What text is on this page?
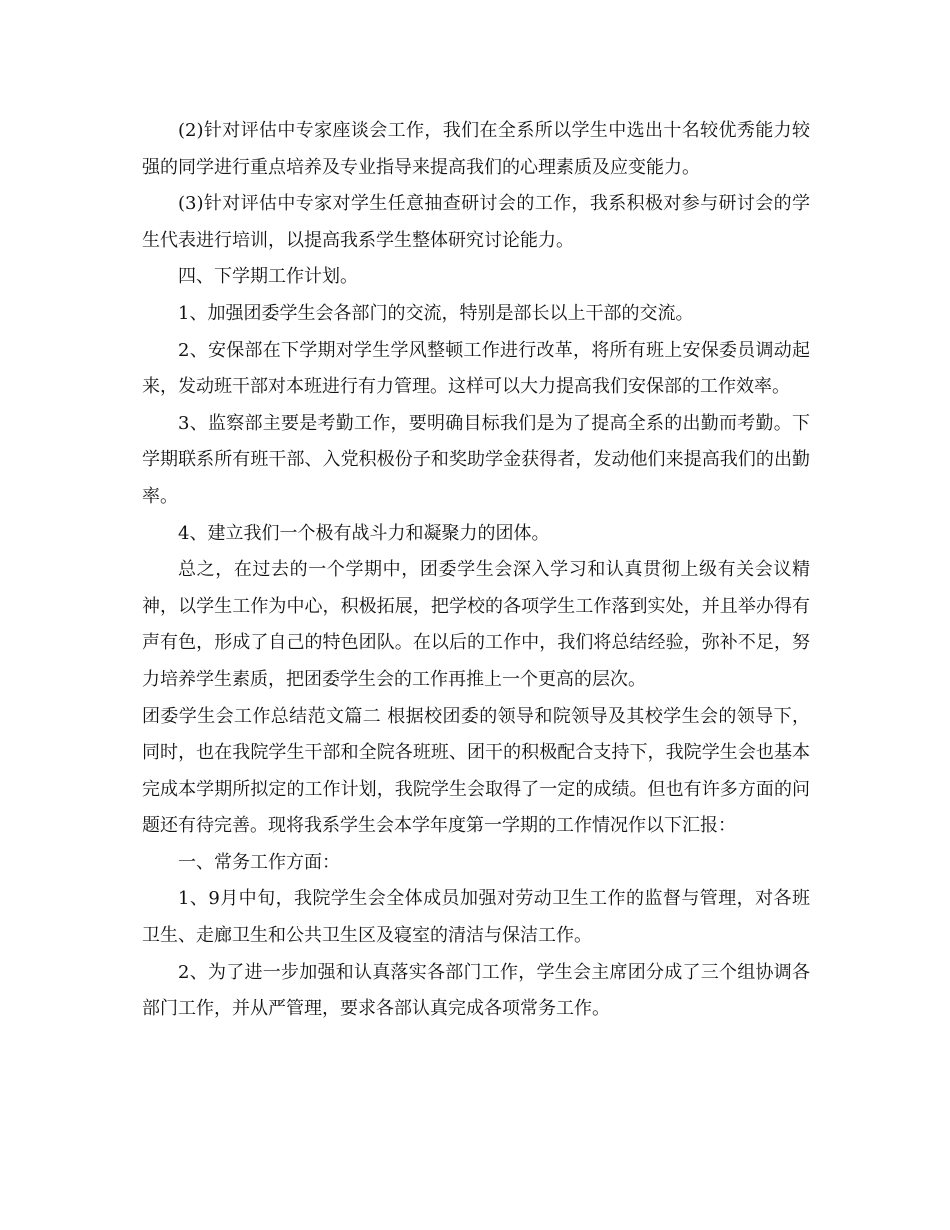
(2)针对评估中专家座谈会工作，我们在全系所以学生中选出十名较优秀能力较强的同学进行重点培养及专业指导来提高我们的心理素质及应变能力。

(3)针对评估中专家对学生任意抽查研讨会的工作，我系积极对参与研讨会的学生代表进行培训，以提高我系学生整体研究讨论能力。

四、下学期工作计划。

1、加强团委学生会各部门的交流，特别是部长以上干部的交流。

2、安保部在下学期对学生学风整顿工作进行改革，将所有班上安保委员调动起来，发动班干部对本班进行有力管理。这样可以大力提高我们安保部的工作效率。

3、监察部主要是考勤工作，要明确目标我们是为了提高全系的出勤而考勤。下学期联系所有班干部、入党积极份子和奖助学金获得者，发动他们来提高我们的出勤率。

4、建立我们一个极有战斗力和凝聚力的团体。

总之，在过去的一个学期中，团委学生会深入学习和认真贯彻上级有关会议精神，以学生工作为中心，积极拓展，把学校的各项学生工作落到实处，并且举办得有声有色，形成了自己的特色团队。在以后的工作中，我们将总结经验，弥补不足，努力培养学生素质，把团委学生会的工作再推上一个更高的层次。

团委学生会工作总结范文篇二 根据校团委的领导和院领导及其校学生会的领导下，同时，也在我院学生干部和全院各班班、团干的积极配合支持下，我院学生会也基本完成本学期所拟定的工作计划，我院学生会取得了一定的成绩。但也有许多方面的问题还有待完善。现将我系学生会本学年度第一学期的工作情况作以下汇报：

一、常务工作方面：

1、9月中旬，我院学生会全体成员加强对劳动卫生工作的监督与管理，对各班卫生、走廊卫生和公共卫生区及寝室的清洁与保洁工作。

2、为了进一步加强和认真落实各部门工作，学生会主席团分成了三个组协调各部门工作，并从严管理，要求各部认真完成各项常务工作。
